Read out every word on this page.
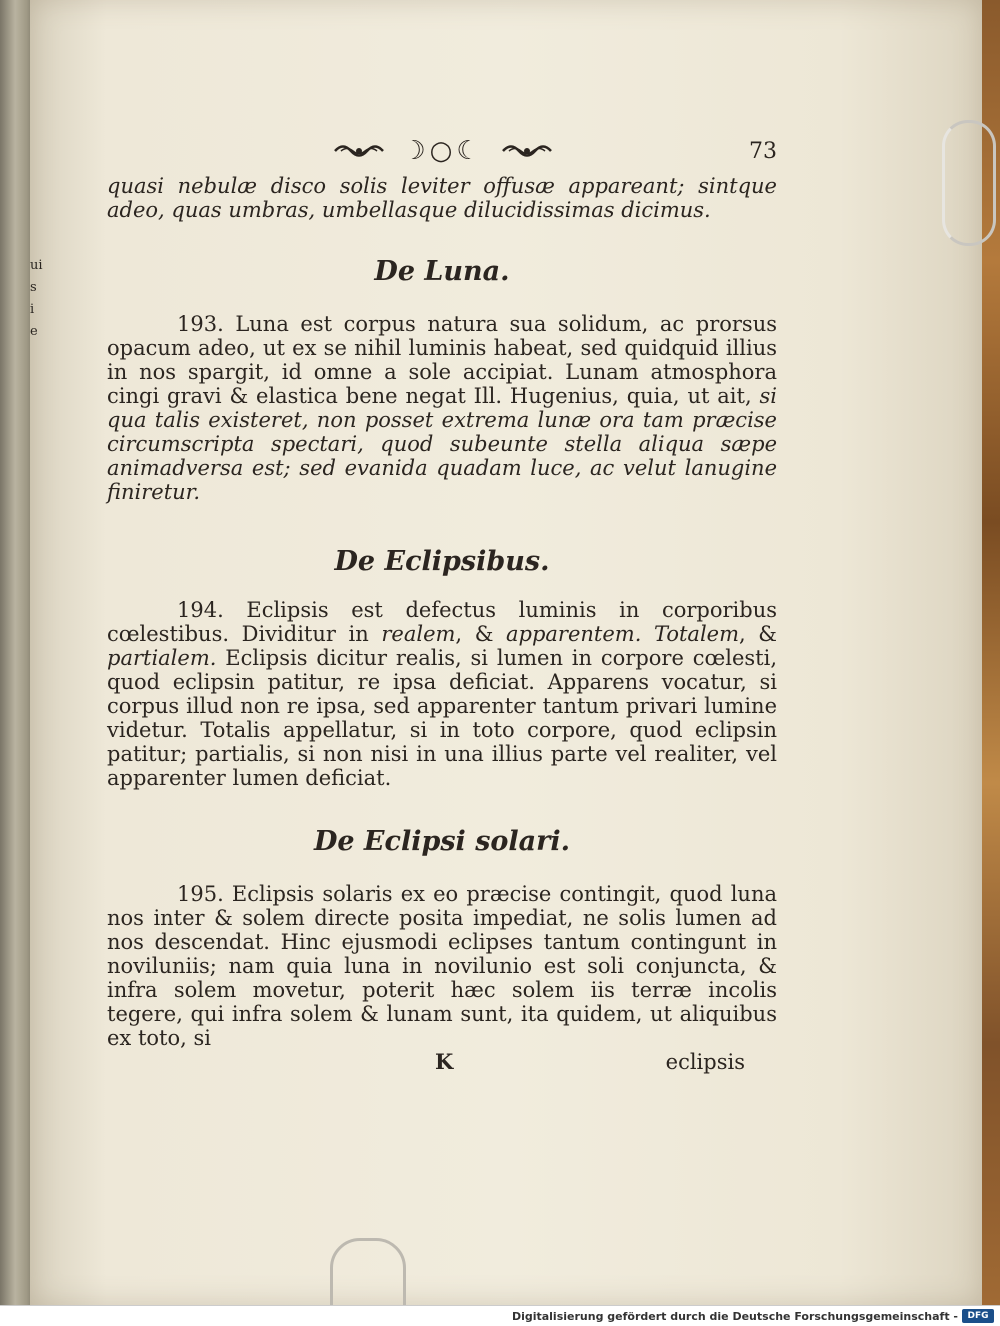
ui
s
i
e
☽○☾	73

quasi nebulæ disco solis leviter offusæ appareant; sintque adeo, quas umbras, umbellasque dilucidissimas dicimus.

De Luna.

193. Luna est corpus natura sua solidum, ac prorsus opacum adeo, ut ex se nihil luminis habeat, sed quidquid illius in nos spargit, id omne a sole accipiat. Lunam atmosphora cingi gravi & elastica bene negat Ill. Hugenius, quia, ut ait, si qua talis existeret, non posset extrema lunæ ora tam præcise circumscripta spectari, quod subeunte stella aliqua sæpe animadversa est; sed evanida quadam luce, ac velut lanugine finiretur.

De Eclipsibus.

194. Eclipsis est defectus luminis in corporibus cœlestibus. Dividitur in realem, & apparentem. Totalem, & partialem. Eclipsis dicitur realis, si lumen in corpore cœlesti, quod eclipsin patitur, re ipsa deficiat. Apparens vocatur, si corpus illud non re ipsa, sed apparenter tantum privari lumine videtur. Totalis appellatur, si in toto corpore, quod eclipsin patitur; partialis, si non nisi in una illius parte vel realiter, vel apparenter lumen deficiat.

De Eclipsi solari.

195. Eclipsis solaris ex eo præcise contingit, quod luna nos inter & solem directe posita impediat, ne solis lumen ad nos descendat. Hinc ejusmodi eclipses tantum contingunt in noviluniis; nam quia luna in novilunio est soli conjuncta, & infra solem movetur, poterit hæc solem iis terræ incolis tegere, qui infra solem & lunam sunt, ita quidem, ut aliquibus ex toto, si

K	eclipsis
Digitalisierung gefördert durch die Deutsche Forschungsgemeinschaft -	DFG
